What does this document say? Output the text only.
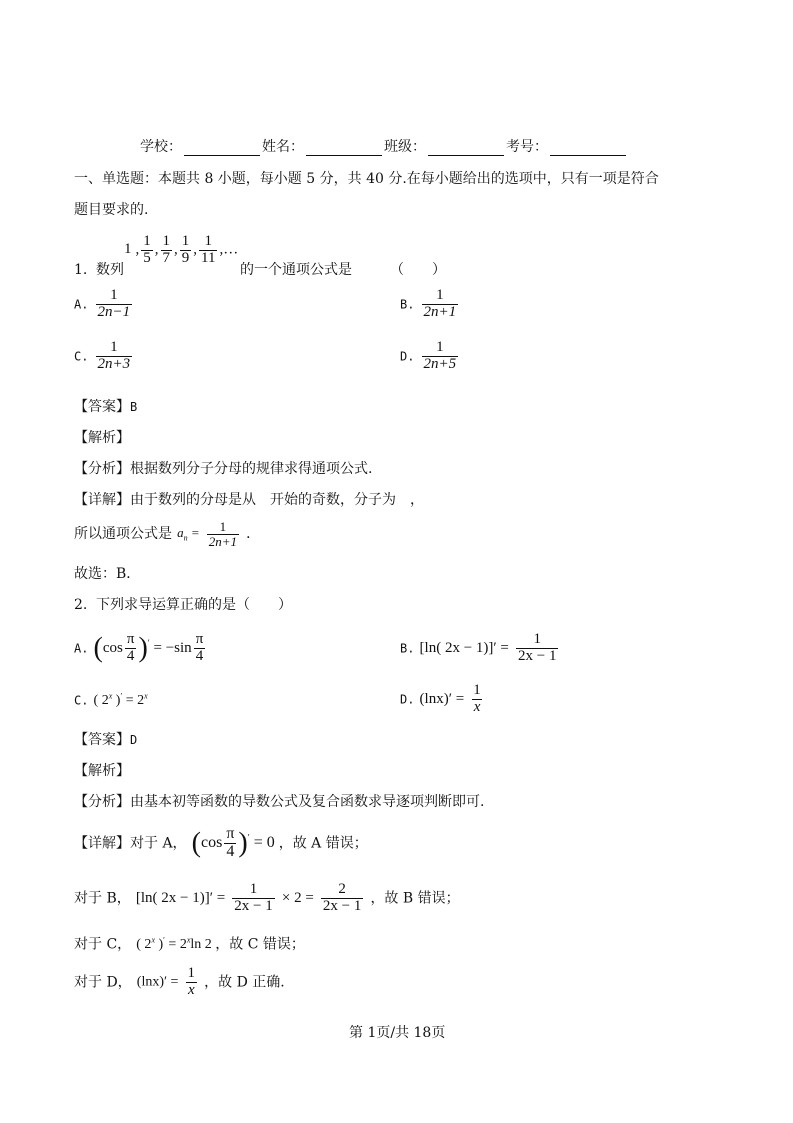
学校：	姓名：	班级：	考号：
一、单选题：本题共 8 小题，每小题 5 分，共 40 分.在每小题给出的选项中，只有一项是符合
题目要求的.
1. 数列
1 , $\frac{1}{5}$ , $\frac{1}{7}$ , $\frac{1}{9}$ , $\frac{1}{11}$ ,…
的一个通项公式是	（　　）
A. $\frac{1}{2n-1}$	B. $\frac{1}{2n+1}$
C. $\frac{1}{2n+3}$	D. $\frac{1}{2n+5}$
【答案】B
【解析】
【分析】根据数列分子分母的规律求得通项公式.
【详解】由于数列的分母是从　开始的奇数，分子为　，
所以通项公式是 $a_n = \frac{1}{2n+1}$ ．
故选：B．
2. 下列求导运算正确的是（　　）
A. $(\cos \frac{\pi}{4} )' = -\sin \frac{\pi}{4}$	B. [ln( $2x - 1)]' = \frac{1}{2x - 1}$
C. ( 2$^x$ )$' = 2^x$	D. $(\ln x)' = \frac{1}{x}$
【答案】D
【解析】
【分析】由基本初等函数的导数公式及复合函数求导逐项判断即可.
【详解】对于 A， $(\cos \frac{\pi}{4} )' = 0$ ，故 A 错误；
对于 B， [ln( $2x - 1)]' = \frac{1}{2x - 1} \times 2 = \frac{2}{2x - 1}$ ，故 B 错误；
对于 C， ( 2$^x$ )$' = 2^x\ln$ 2 ，故 C 错误；
对于 D， $(\ln x)' = \frac{1}{x}$ ，故 D 正确.
第 1页/共 18页
